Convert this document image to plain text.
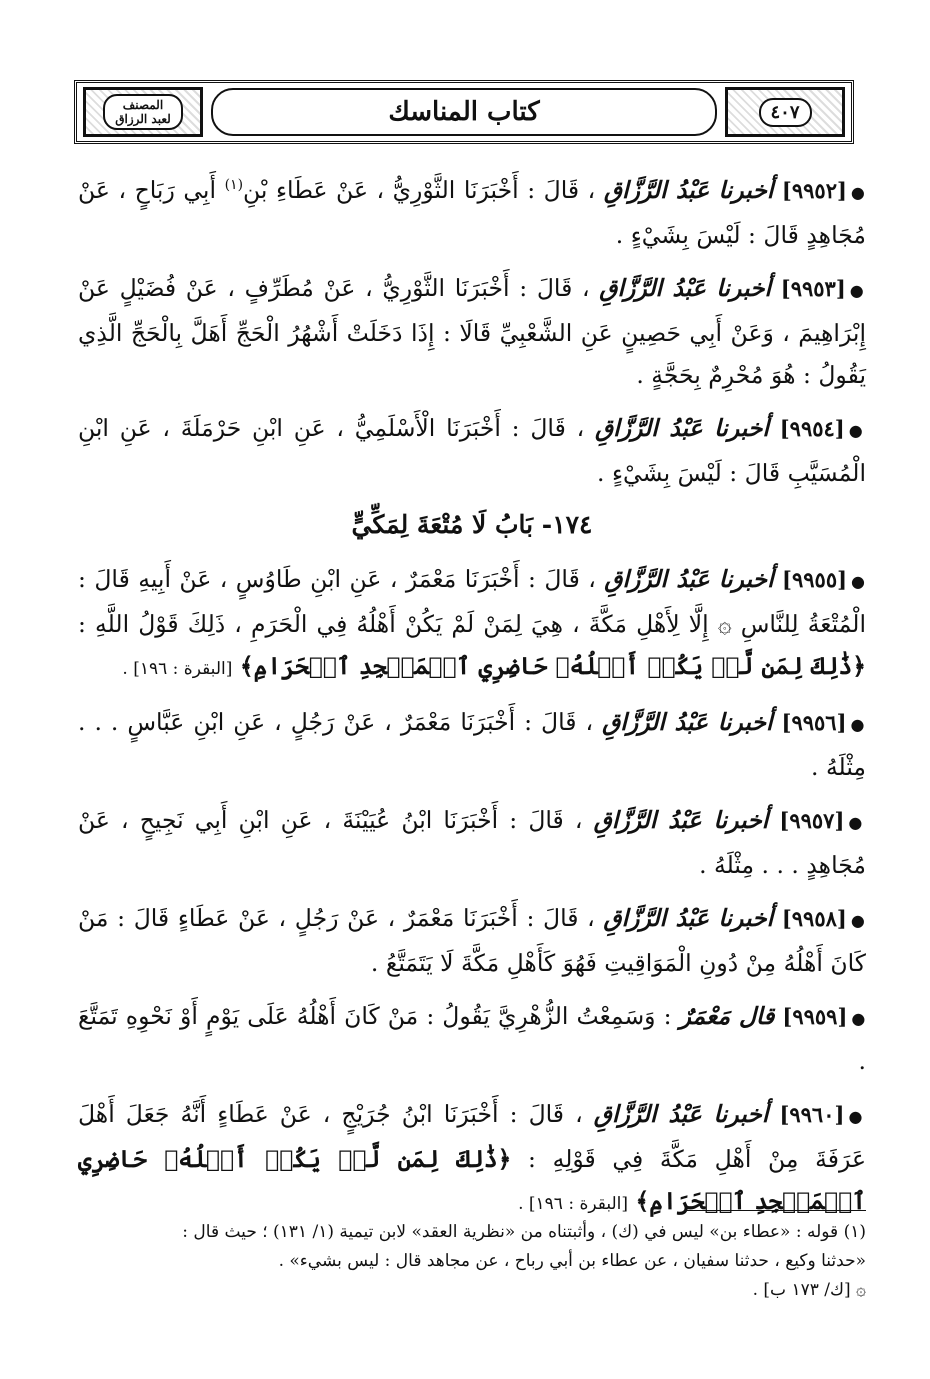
٤٠٧
كتاب المناسك
المصنف
لعبد الرزاق

●[٩٩٥٢] أخبرنا عَبْدُ الرَّزَّاقِ ، قَالَ : أَخْبَرَنَا الثَّوْرِيُّ ، عَنْ عَطَاءِ بْنِ$^{(١)}$ أَبِي رَبَاحٍ ، عَنْ مُجَاهِدٍ قَالَ : لَيْسَ بِشَيْءٍ .

●[٩٩٥٣] أخبرنا عَبْدُ الرَّزَّاقِ ، قَالَ : أَخْبَرَنَا الثَّوْرِيُّ ، عَنْ مُطَرِّفٍ ، عَنْ فُضَيْلٍ عَنْ إِبْرَاهِيمَ ، وَعَنْ أَبِي حَصِينٍ عَنِ الشَّعْبِيِّ قَالَا : إِذَا دَخَلَتْ أَشْهُرُ الْحَجِّ أَهَلَّ بِالْحَجِّ الَّذِي يَقُولُ : هُوَ مُحْرِمٌ بِحَجَّةٍ .

●[٩٩٥٤] أخبرنا عَبْدُ الرَّزَّاقِ ، قَالَ : أَخْبَرَنَا الْأَسْلَمِيُّ ، عَنِ ابْنِ حَرْمَلَةَ ، عَنِ ابْنِ الْمُسَيَّبِ قَالَ : لَيْسَ بِشَيْءٍ .

١٧٤- بَابُ لَا مُتْعَةَ لِمَكِّيٍّ

●[٩٩٥٥] أخبرنا عَبْدُ الرَّزَّاقِ ، قَالَ : أَخْبَرَنَا مَعْمَرٌ ، عَنِ ابْنِ طَاوُسٍ ، عَنْ أَبِيهِ قَالَ : الْمُتْعَةُ لِلنَّاسِ ۞ إِلَّا لِأَهْلِ مَكَّةَ ، هِيَ لِمَنْ لَمْ يَكُنْ أَهْلُهُ فِي الْحَرَمِ ، ذَلِكَ قَوْلُ اللَّهِ : ﴿ذَٰلِكَ لِمَن لَّمۡ يَكُنۡ أَهۡلُهُۥ حَاضِرِي ٱلۡمَسۡجِدِ ٱلۡحَرَامِ﴾ [البقرة : ١٩٦] .

●[٩٩٥٦] أخبرنا عَبْدُ الرَّزَّاقِ ، قَالَ : أَخْبَرَنَا مَعْمَرٌ ، عَنْ رَجُلٍ ، عَنِ ابْنِ عَبَّاسٍ . . . مِثْلَهُ .

●[٩٩٥٧] أخبرنا عَبْدُ الرَّزَّاقِ ، قَالَ : أَخْبَرَنَا ابْنُ عُيَيْنَةَ ، عَنِ ابْنِ أَبِي نَجِيحٍ ، عَنْ مُجَاهِدٍ . . . مِثْلَهُ .

●[٩٩٥٨] أخبرنا عَبْدُ الرَّزَّاقِ ، قَالَ : أَخْبَرَنَا مَعْمَرٌ ، عَنْ رَجُلٍ ، عَنْ عَطَاءٍ قَالَ : مَنْ كَانَ أَهْلُهُ مِنْ دُونِ الْمَوَاقِيتِ فَهُوَ كَأَهْلِ مَكَّةَ لَا يَتَمَتَّعُ .

●[٩٩٥٩] قال مَعْمَرٌ : وَسَمِعْتُ الزُّهْرِيَّ يَقُولُ : مَنْ كَانَ أَهْلُهُ عَلَى يَوْمٍ أَوْ نَحْوِهِ تَمَتَّعَ .

●[٩٩٦٠] أخبرنا عَبْدُ الرَّزَّاقِ ، قَالَ : أَخْبَرَنَا ابْنُ جُرَيْجٍ ، عَنْ عَطَاءٍ أَنَّهُ جَعَلَ أَهْلَ عَرَفَةَ مِنْ أَهْلِ مَكَّةَ فِي قَوْلِهِ : ﴿ذَٰلِكَ لِمَن لَّمۡ يَكُنۡ أَهۡلُهُۥ حَاضِرِي ٱلۡمَسۡجِدِ ٱلۡحَرَامِ﴾ [البقرة : ١٩٦] .

(١) قوله : «عطاء بن» ليس في (ك) ، وأثبتناه من «نظرية العقد» لابن تيمية (١/ ١٣١) ؛ حيث قال :

«حدثنا وكيع ، حدثنا سفيان ، عن عطاء بن أبي رباح ، عن مجاهد قال : ليس بشيء» .

۞ [ك/ ١٧٣ ب] .
